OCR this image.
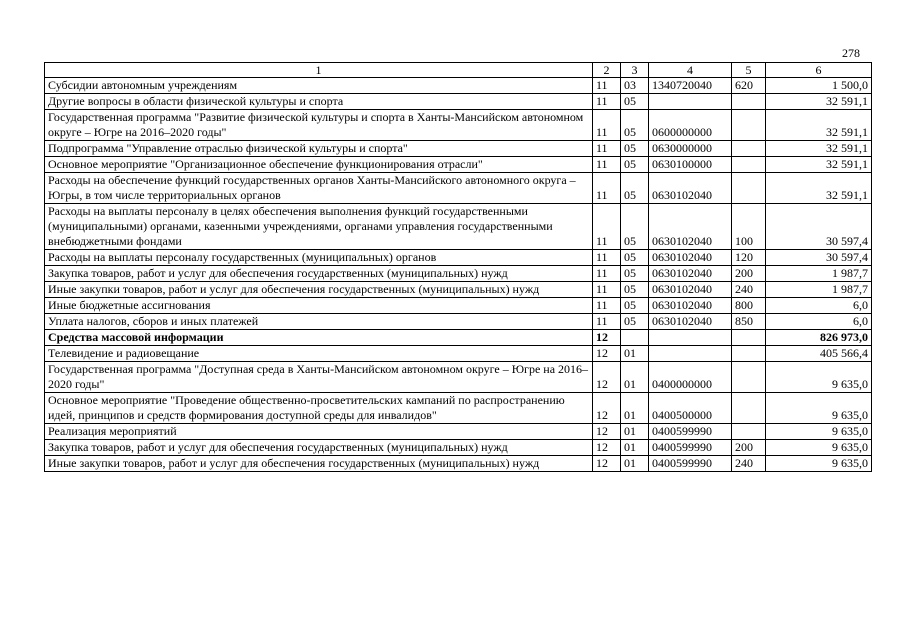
278
1	2	3	4	5	6
Субсидии автономным учреждениям	11	03	1340720040	620	1 500,0
Другие вопросы в области физической культуры и спорта	11	05			32 591,1
Государственная программа "Развитие физической культуры и спорта в Ханты-Мансийском автономном округе – Югре на 2016–2020 годы"	11	05	0600000000		32 591,1
Подпрограмма "Управление отраслью физической культуры и спорта"	11	05	0630000000		32 591,1
Основное мероприятие "Организационное обеспечение функционирования отрасли"	11	05	0630100000		32 591,1
Расходы на обеспечение функций государственных органов Ханты-Мансийского автономного округа – Югры, в том числе территориальных органов	11	05	0630102040		32 591,1
Расходы на выплаты персоналу в целях обеспечения выполнения функций государственными (муниципальными) органами, казенными учреждениями, органами управления государственными внебюджетными фондами	11	05	0630102040	100	30 597,4
Расходы на выплаты персоналу государственных (муниципальных) органов	11	05	0630102040	120	30 597,4
Закупка товаров, работ и услуг для обеспечения государственных (муниципальных) нужд	11	05	0630102040	200	1 987,7
Иные закупки товаров, работ и услуг для обеспечения государственных (муниципальных) нужд	11	05	0630102040	240	1 987,7
Иные бюджетные ассигнования	11	05	0630102040	800	6,0
Уплата налогов, сборов и иных платежей	11	05	0630102040	850	6,0
Средства массовой информации	12				826 973,0
Телевидение и радиовещание	12	01			405 566,4
Государственная программа "Доступная среда в Ханты-Мансийском автономном округе – Югре на 2016–2020 годы"	12	01	0400000000		9 635,0
Основное мероприятие "Проведение общественно-просветительских кампаний по распространению идей, принципов и средств формирования доступной среды для инвалидов"	12	01	0400500000		9 635,0
Реализация мероприятий	12	01	0400599990		9 635,0
Закупка товаров, работ и услуг для обеспечения государственных (муниципальных) нужд	12	01	0400599990	200	9 635,0
Иные закупки товаров, работ и услуг для обеспечения государственных (муниципальных) нужд	12	01	0400599990	240	9 635,0
